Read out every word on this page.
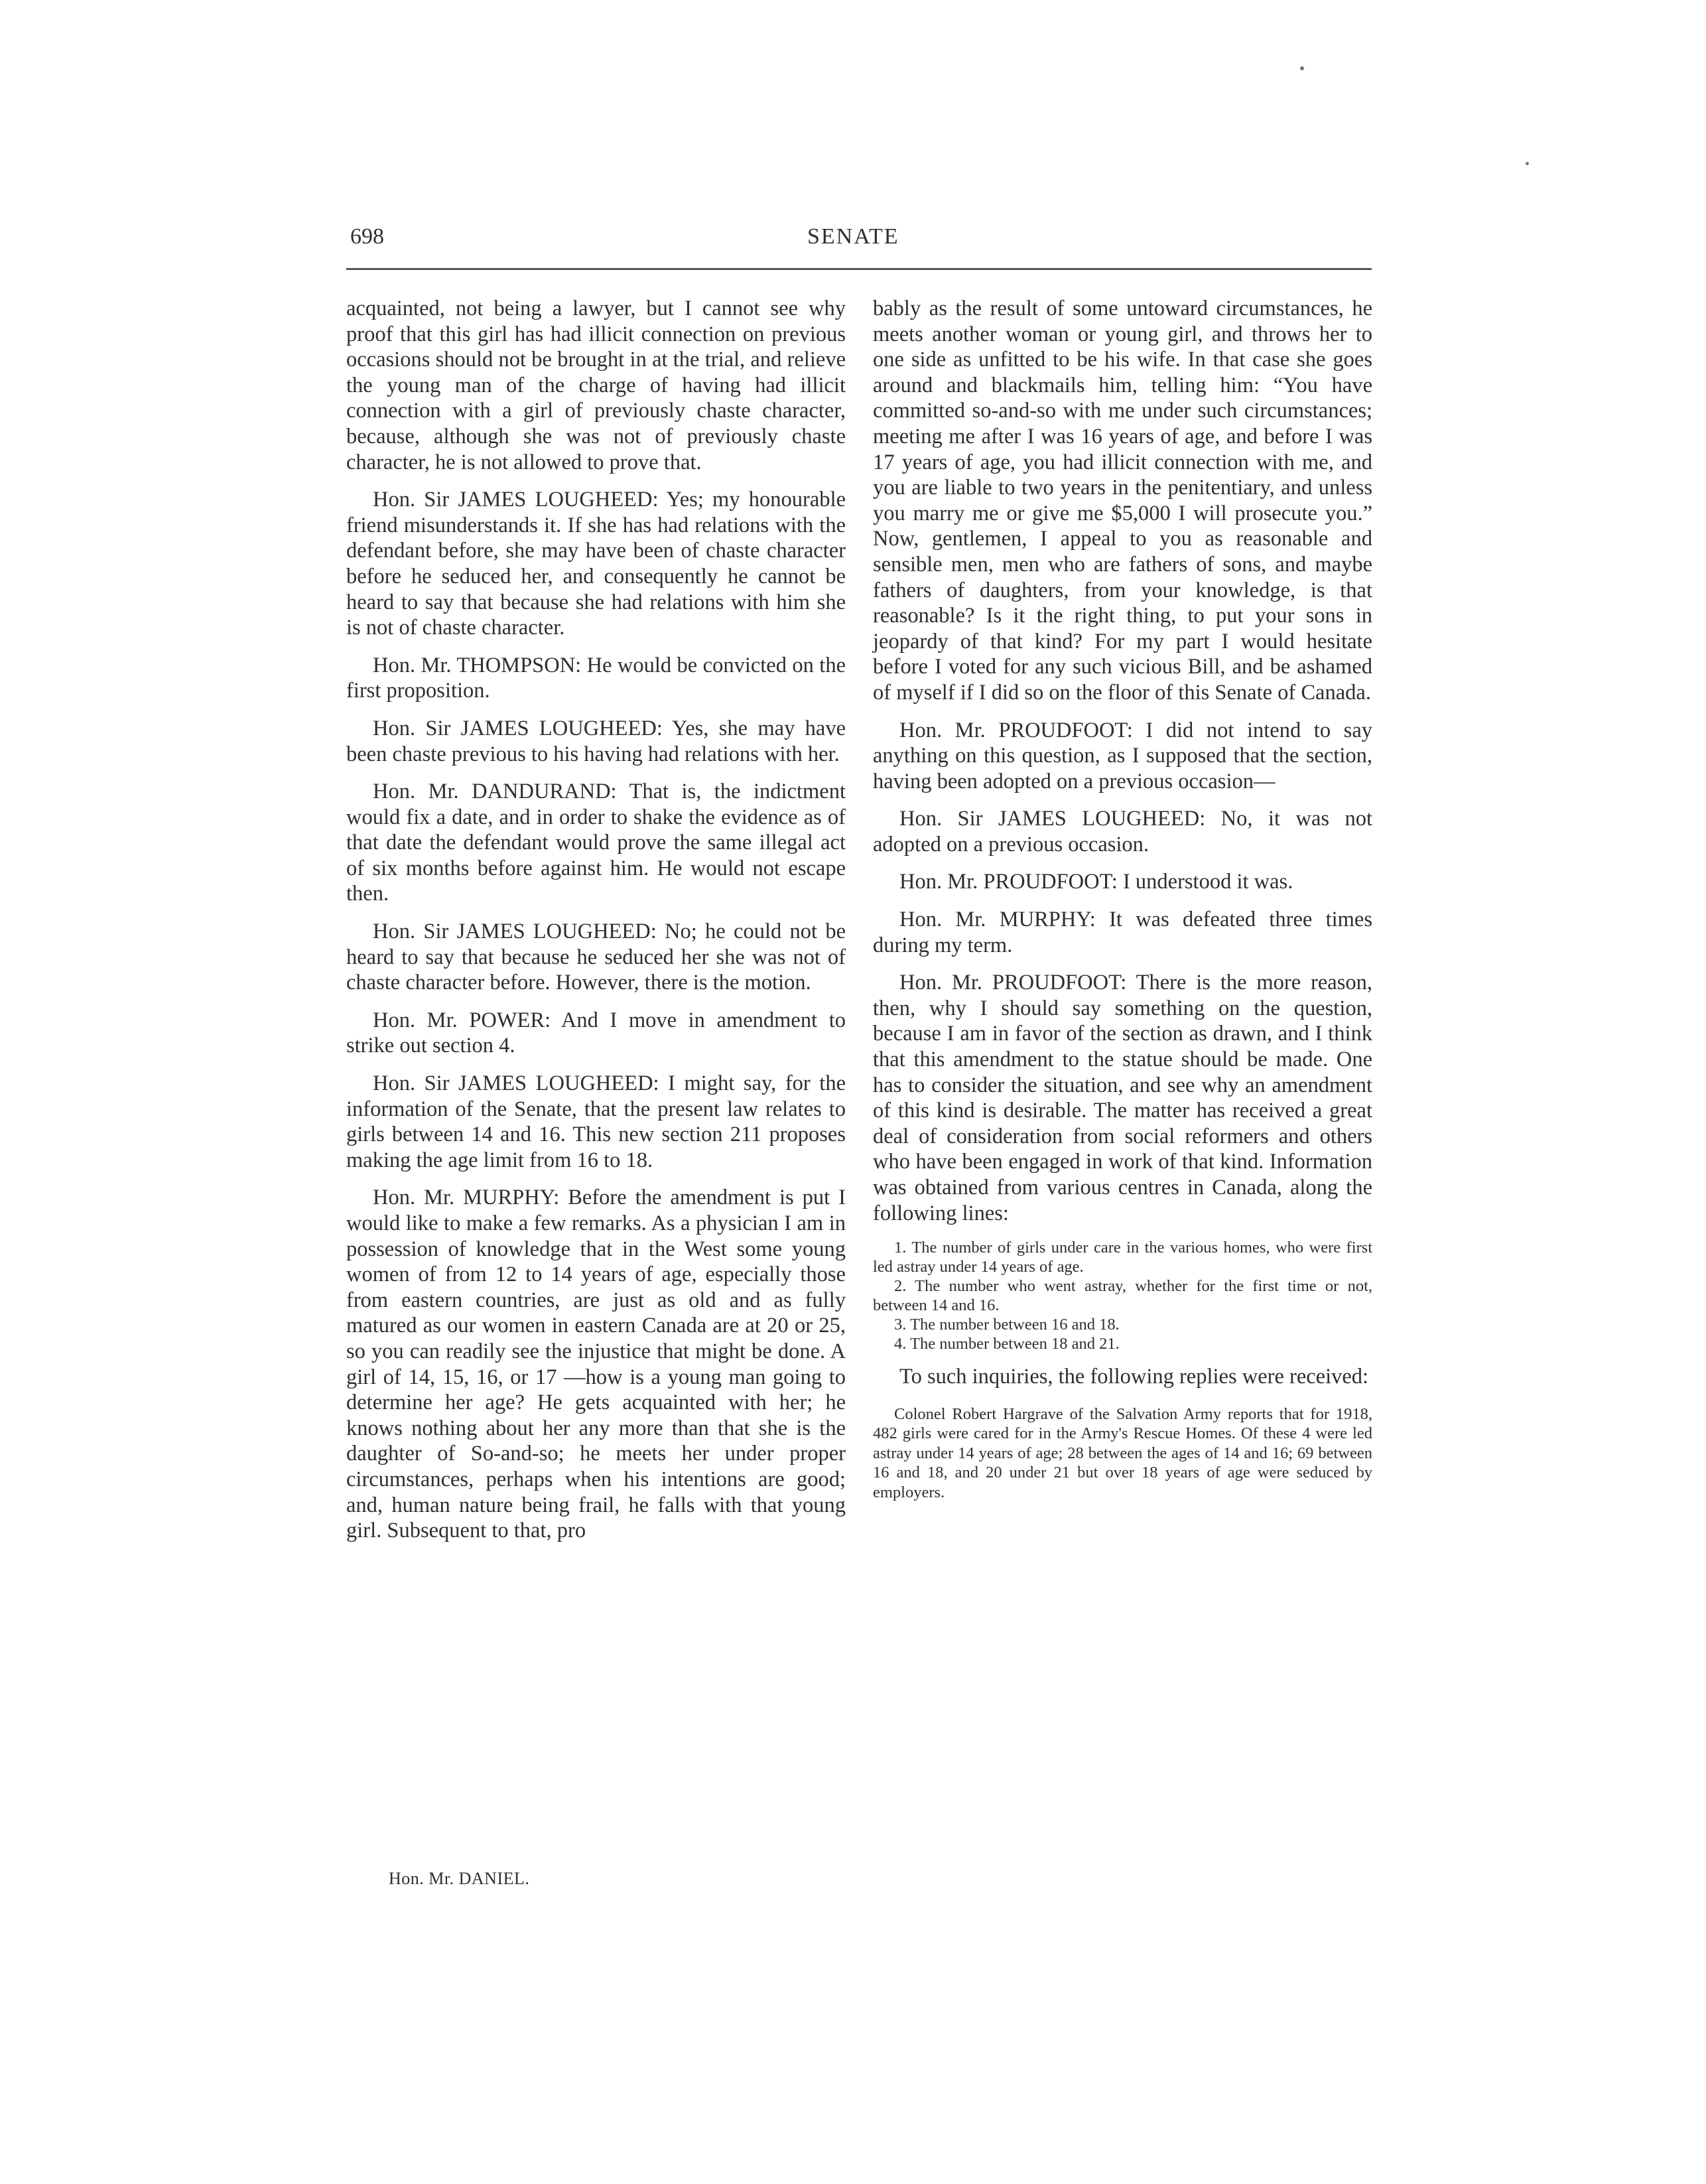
698	SENATE

acquainted, not being a lawyer, but I cannot see why proof that this girl has had illicit connection on previous occasions should not be brought in at the trial, and relieve the young man of the charge of having had illicit connection with a girl of previously chaste character, because, although she was not of previously chaste character, he is not allowed to prove that.

Hon. Sir JAMES LOUGHEED: Yes; my honourable friend misunderstands it. If she has had relations with the defendant before, she may have been of chaste character before he seduced her, and consequently he cannot be heard to say that because she had relations with him she is not of chaste character.

Hon. Mr. THOMPSON: He would be convicted on the first proposition.

Hon. Sir JAMES LOUGHEED: Yes, she may have been chaste previous to his having had relations with her.

Hon. Mr. DANDURAND: That is, the indictment would fix a date, and in order to shake the evidence as of that date the defendant would prove the same illegal act of six months before against him. He would not escape then.

Hon. Sir JAMES LOUGHEED: No; he could not be heard to say that because he seduced her she was not of chaste character before. However, there is the motion.

Hon. Mr. POWER: And I move in amendment to strike out section 4.

Hon. Sir JAMES LOUGHEED: I might say, for the information of the Senate, that the present law relates to girls between 14 and 16. This new section 211 proposes making the age limit from 16 to 18.

Hon. Mr. MURPHY: Before the amendment is put I would like to make a few remarks. As a physician I am in possession of knowledge that in the West some young women of from 12 to 14 years of age, especially those from eastern countries, are just as old and as fully matured as our women in eastern Canada are at 20 or 25, so you can readily see the injustice that might be done. A girl of 14, 15, 16, or 17 —how is a young man going to determine her age? He gets acquainted with her; he knows nothing about her any more than that she is the daughter of So-and-so; he meets her under proper circumstances, perhaps when his intentions are good; and, human nature being frail, he falls with that young girl. Subsequent to that, pro

bably as the result of some untoward circumstances, he meets another woman or young girl, and throws her to one side as unfitted to be his wife. In that case she goes around and blackmails him, telling him: “You have committed so-and-so with me under such circumstances; meeting me after I was 16 years of age, and before I was 17 years of age, you had illicit connection with me, and you are liable to two years in the penitentiary, and unless you marry me or give me $5,000 I will prosecute you.” Now, gentlemen, I appeal to you as reasonable and sensible men, men who are fathers of sons, and maybe fathers of daughters, from your knowledge, is that reasonable? Is it the right thing, to put your sons in jeopardy of that kind? For my part I would hesitate before I voted for any such vicious Bill, and be ashamed of myself if I did so on the floor of this Senate of Canada.

Hon. Mr. PROUDFOOT: I did not intend to say anything on this question, as I supposed that the section, having been adopted on a previous occasion—

Hon. Sir JAMES LOUGHEED: No, it was not adopted on a previous occasion.

Hon. Mr. PROUDFOOT: I understood it was.

Hon. Mr. MURPHY: It was defeated three times during my term.

Hon. Mr. PROUDFOOT: There is the more reason, then, why I should say something on the question, because I am in favor of the section as drawn, and I think that this amendment to the statue should be made. One has to consider the situation, and see why an amendment of this kind is desirable. The matter has received a great deal of consideration from social reformers and others who have been engaged in work of that kind. Information was obtained from various centres in Canada, along the following lines:

1. The number of girls under care in the various homes, who were first led astray under 14 years of age.

2. The number who went astray, whether for the first time or not, between 14 and 16.

3. The number between 16 and 18.

4. The number between 18 and 21.

To such inquiries, the following replies were received:

Colonel Robert Hargrave of the Salvation Army reports that for 1918, 482 girls were cared for in the Army's Rescue Homes. Of these 4 were led astray under 14 years of age; 28 between the ages of 14 and 16; 69 between 16 and 18, and 20 under 21 but over 18 years of age were seduced by employers.

Hon. Mr. DANIEL.
